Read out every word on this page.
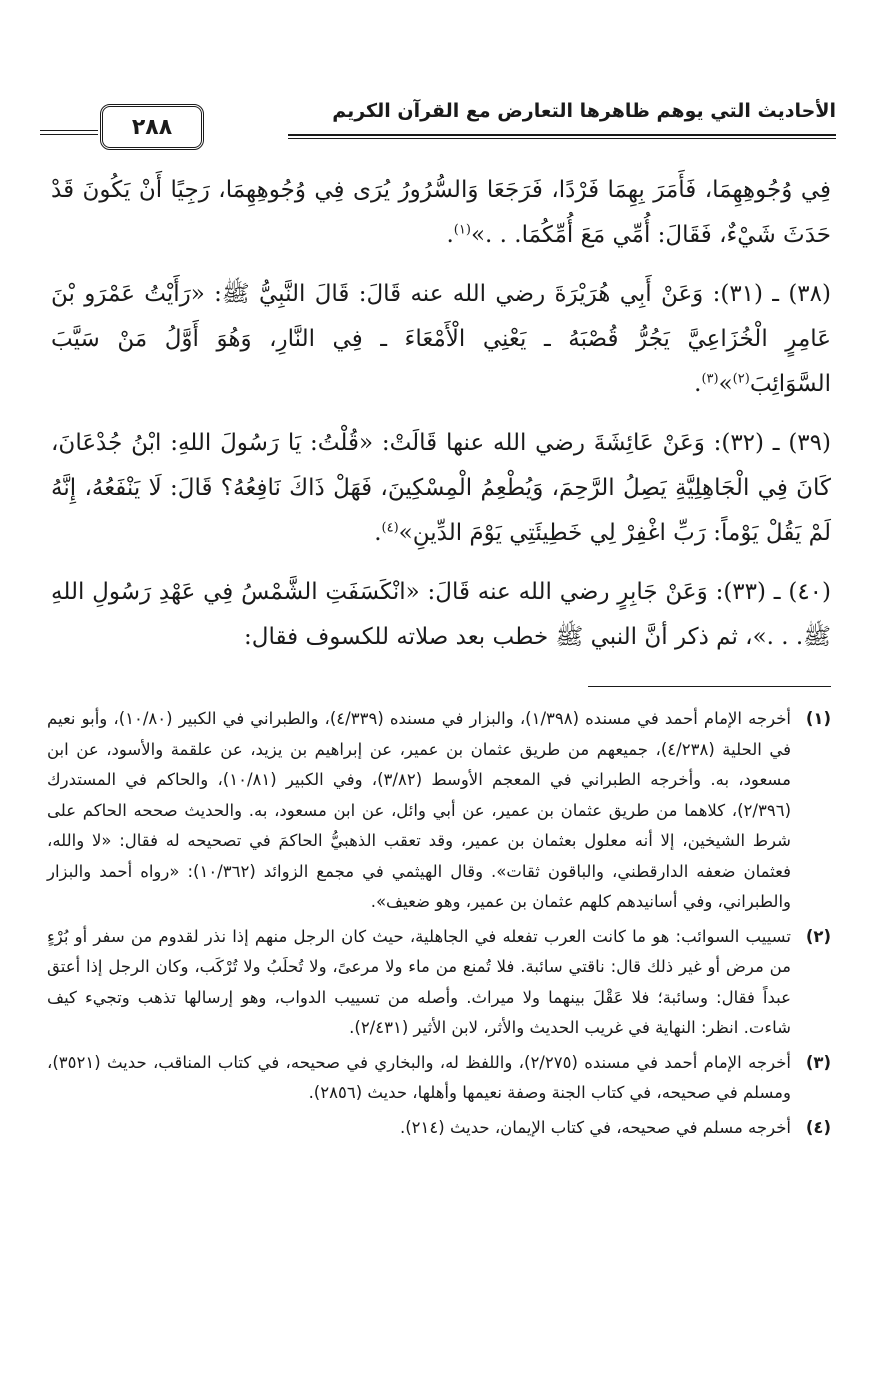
الأحاديث التي يوهم ظاهرها التعارض مع القرآن الكريم
٢٨٨

فِي وُجُوهِهِمَا، فَأَمَرَ بِهِمَا فَرْدًا، فَرَجَعَا وَالسُّرُورُ يُرَى فِي وُجُوهِهِمَا، رَجِيًا أَنْ يَكُونَ قَدْ حَدَثَ شَيْءٌ، فَقَالَ: أُمِّي مَعَ أُمِّكُمَا. . .»$^{(١)}$.

(٣٨) ـ (٣١): وَعَنْ أَبِي هُرَيْرَةَ رضي الله عنه قَالَ: قَالَ النَّبِيُّ ﷺ: «رَأَيْتُ عَمْرَو بْنَ عَامِرٍ الْخُزَاعِيَّ يَجُرُّ قُصْبَهُ ـ يَعْنِي الْأَمْعَاءَ ـ فِي النَّارِ، وَهُوَ أَوَّلُ مَنْ سَيَّبَ السَّوَائِبَ$^{(٢)}$»$^{(٣)}$.

(٣٩) ـ (٣٢): وَعَنْ عَائِشَةَ رضي الله عنها قَالَتْ: «قُلْتُ: يَا رَسُولَ اللهِ: ابْنُ جُدْعَانَ، كَانَ فِي الْجَاهِلِيَّةِ يَصِلُ الرَّحِمَ، وَيُطْعِمُ الْمِسْكِينَ، فَهَلْ ذَاكَ نَافِعُهُ؟ قَالَ: لَا يَنْفَعُهُ، إِنَّهُ لَمْ يَقُلْ يَوْماً: رَبِّ اغْفِرْ لِي خَطِيئَتِي يَوْمَ الدِّينِ»$^{(٤)}$.

(٤٠) ـ (٣٣): وَعَنْ جَابِرٍ رضي الله عنه قَالَ: «انْكَسَفَتِ الشَّمْسُ فِي عَهْدِ رَسُولِ اللهِ ﷺ. . .»، ثم ذكر أنَّ النبي ﷺ خطب بعد صلاته للكسوف فقال:

(١)
أخرجه الإمام أحمد في مسنده (١/٣٩٨)، والبزار في مسنده (٤/٣٣٩)، والطبراني في الكبير (١٠/٨٠)، وأبو نعيم في الحلية (٤/٢٣٨)، جميعهم من طريق عثمان بن عمير، عن إبراهيم بن يزيد، عن علقمة والأسود، عن ابن مسعود، به. وأخرجه الطبراني في المعجم الأوسط (٣/٨٢)، وفي الكبير (١٠/٨١)، والحاكم في المستدرك (٢/٣٩٦)، كلاهما من طريق عثمان بن عمير، عن أبي وائل، عن ابن مسعود، به. والحديث صححه الحاكم على شرط الشيخين، إلا أنه معلول بعثمان بن عمير، وقد تعقب الذهبيُّ الحاكمَ في تصحيحه له فقال: «لا والله، فعثمان ضعفه الدارقطني، والباقون ثقات». وقال الهيثمي في مجمع الزوائد (١٠/٣٦٢): «رواه أحمد والبزار والطبراني، وفي أسانيدهم كلهم عثمان بن عمير، وهو ضعيف».
(٢)
تسييب السوائب: هو ما كانت العرب تفعله في الجاهلية، حيث كان الرجل منهم إذا نذر لقدوم من سفر أو بُرْءٍ من مرض أو غير ذلك قال: ناقتي سائبة. فلا تُمنع من ماء ولا مرعىً، ولا تُحلَبُ ولا تُرْكَب، وكان الرجل إذا أعتق عبداً فقال: وسائبة؛ فلا عَقْلَ بينهما ولا ميراث. وأصله من تسييب الدواب، وهو إرسالها تذهب وتجيء كيف شاءت. انظر: النهاية في غريب الحديث والأثر، لابن الأثير (٢/٤٣١).
(٣)
أخرجه الإمام أحمد في مسنده (٢/٢٧٥)، واللفظ له، والبخاري في صحيحه، في كتاب المناقب، حديث (٣٥٢١)، ومسلم في صحيحه، في كتاب الجنة وصفة نعيمها وأهلها، حديث (٢٨٥٦).
(٤)
أخرجه مسلم في صحيحه، في كتاب الإيمان، حديث (٢١٤).
